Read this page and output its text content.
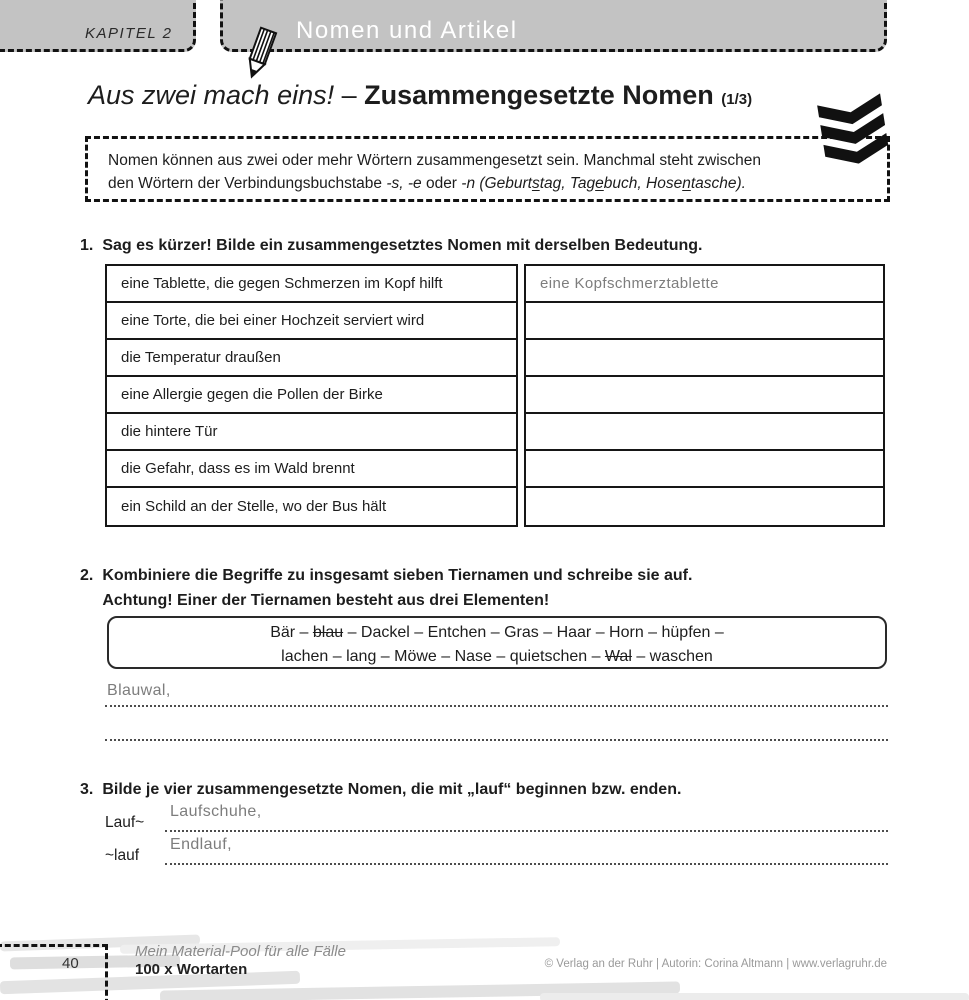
KAPITEL 2	Nomen und Artikel
Aus zwei mach eins! – Zusammengesetzte Nomen (1/3)
Nomen können aus zwei oder mehr Wörtern zusammengesetzt sein. Manchmal steht zwischen
den Wörtern der Verbindungsbuchstabe -s, -e oder -n (Geburtstag, Tagebuch, Hosentasche).
1. Sag es kürzer! Bilde ein zusammengesetztes Nomen mit derselben Bedeutung.
eine Tablette, die gegen Schmerzen im Kopf hilft
eine Torte, die bei einer Hochzeit serviert wird
die Temperatur draußen
eine Allergie gegen die Pollen der Birke
die hintere Tür
die Gefahr, dass es im Wald brennt
ein Schild an der Stelle, wo der Bus hält
eine Kopfschmerztablette
2. Kombiniere die Begriffe zu insgesamt sieben Tiernamen und schreibe sie auf.
Achtung! Einer der Tiernamen besteht aus drei Elementen!
Bär – blau – Dackel – Entchen – Gras – Haar – Horn – hüpfen –
lachen – lang – Möwe – Nase – quietschen – Wal – waschen
Blauwal,
3. Bilde je vier zusammengesetzte Nomen, die mit „lauf“ beginnen bzw. enden.
Lauf~
Laufschuhe,
~lauf
Endlauf,
40
Mein Material-Pool für alle Fälle
100 x Wortarten	© Verlag an der Ruhr | Autorin: Corina Altmann | www.verlagruhr.de
